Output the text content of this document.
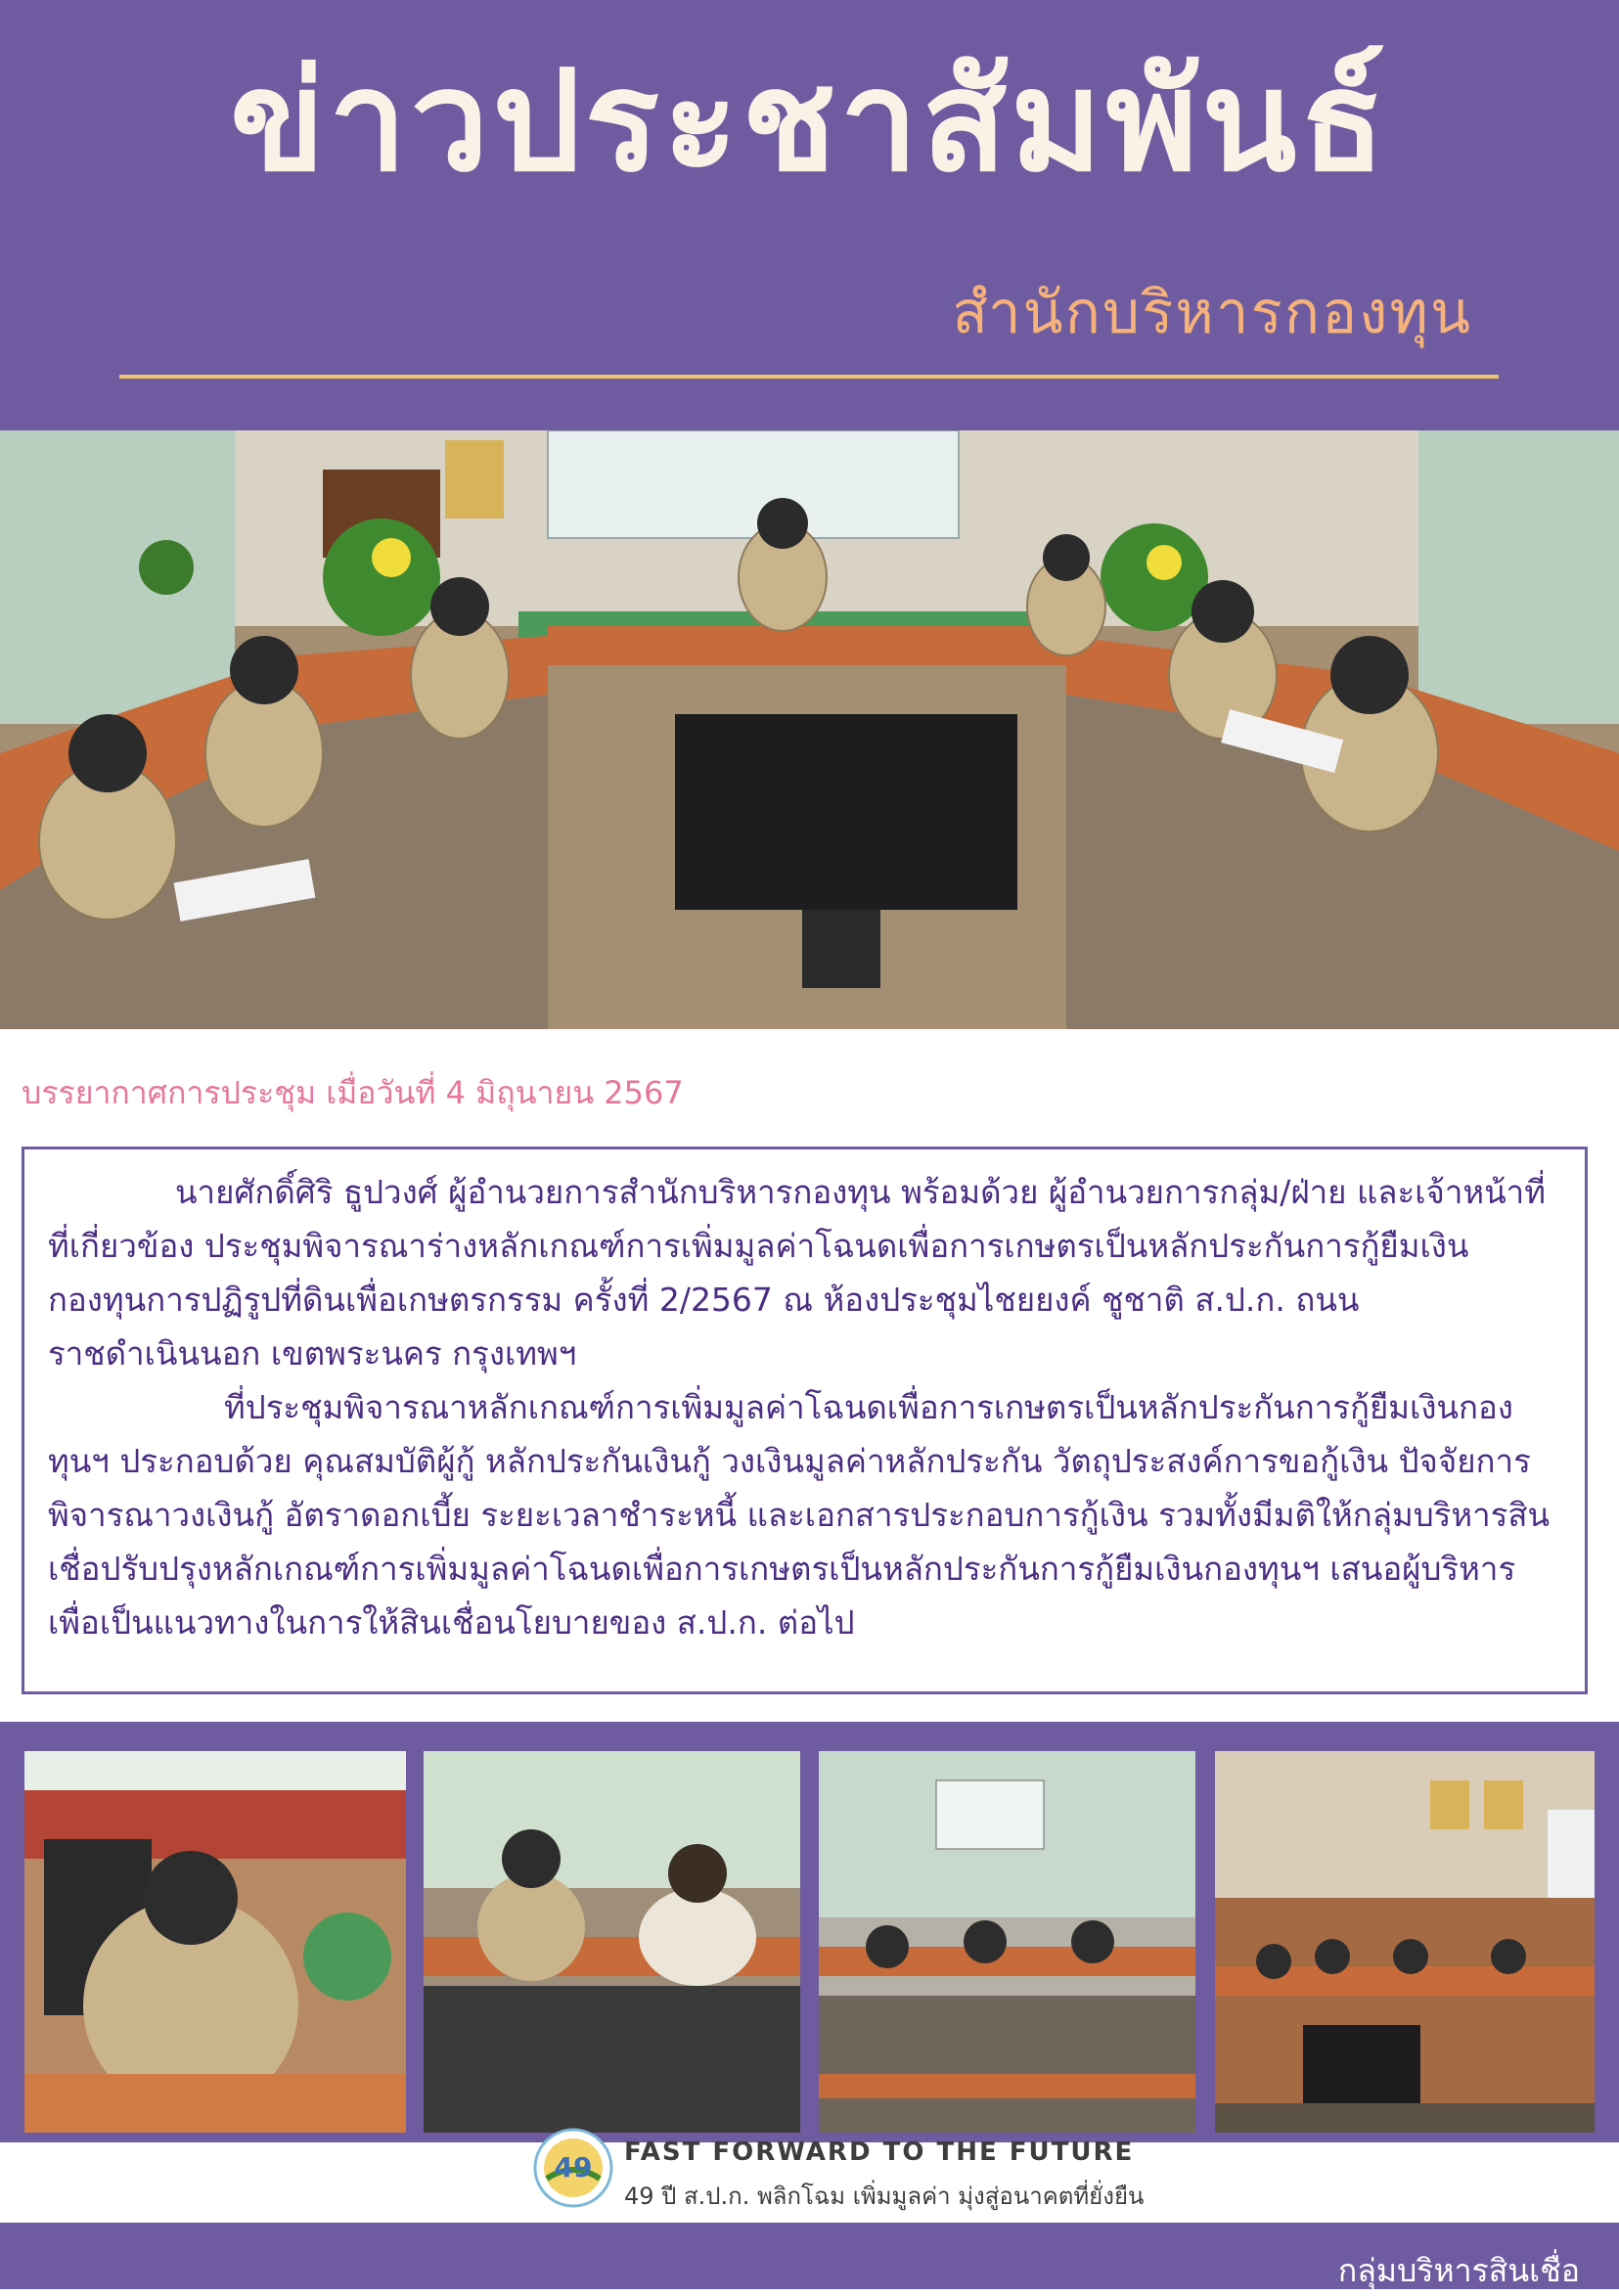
ข่าวประชาสัมพันธ์
สำนักบริหารกองทุน
บรรยากาศการประชุม เมื่อวันที่ 4 มิถุนายน 2567

นายศักดิ์ศิริ ธูปวงศ์ ผู้อำนวยการสำนักบริหารกองทุน พร้อมด้วย ผู้อำนวยการกลุ่ม/ฝ่าย และเจ้าหน้าที่ที่เกี่ยวข้อง ประชุมพิจารณาร่างหลักเกณฑ์การเพิ่มมูลค่าโฉนดเพื่อการเกษตรเป็นหลักประกันการกู้ยืมเงินกองทุนการปฏิรูปที่ดินเพื่อเกษตรกรรม ครั้งที่ 2/2567 ณ ห้องประชุมไชยยงค์ ชูชาติ ส.ป.ก. ถนนราชดำเนินนอก เขตพระนคร กรุงเทพฯ

ที่ประชุมพิจารณาหลักเกณฑ์การเพิ่มมูลค่าโฉนดเพื่อการเกษตรเป็นหลักประกันการกู้ยืมเงินกองทุนฯ ประกอบด้วย คุณสมบัติผู้กู้ หลักประกันเงินกู้ วงเงินมูลค่าหลักประกัน วัตถุประสงค์การขอกู้เงิน ปัจจัยการพิจารณาวงเงินกู้ อัตราดอกเบี้ย ระยะเวลาชำระหนี้ และเอกสารประกอบการกู้เงิน รวมทั้งมีมติให้กลุ่มบริหารสินเชื่อปรับปรุงหลักเกณฑ์การเพิ่มมูลค่าโฉนดเพื่อการเกษตรเป็นหลักประกันการกู้ยืมเงินกองทุนฯ เสนอผู้บริหารเพื่อเป็นแนวทางในการให้สินเชื่อนโยบายของ ส.ป.ก. ต่อไป

49 FAST FORWARD TO THE FUTURE
49 ปี ส.ป.ก. พลิกโฉม เพิ่มมูลค่า มุ่งสู่อนาคตที่ยั่งยืน
กลุ่มบริหารสินเชื่อ
